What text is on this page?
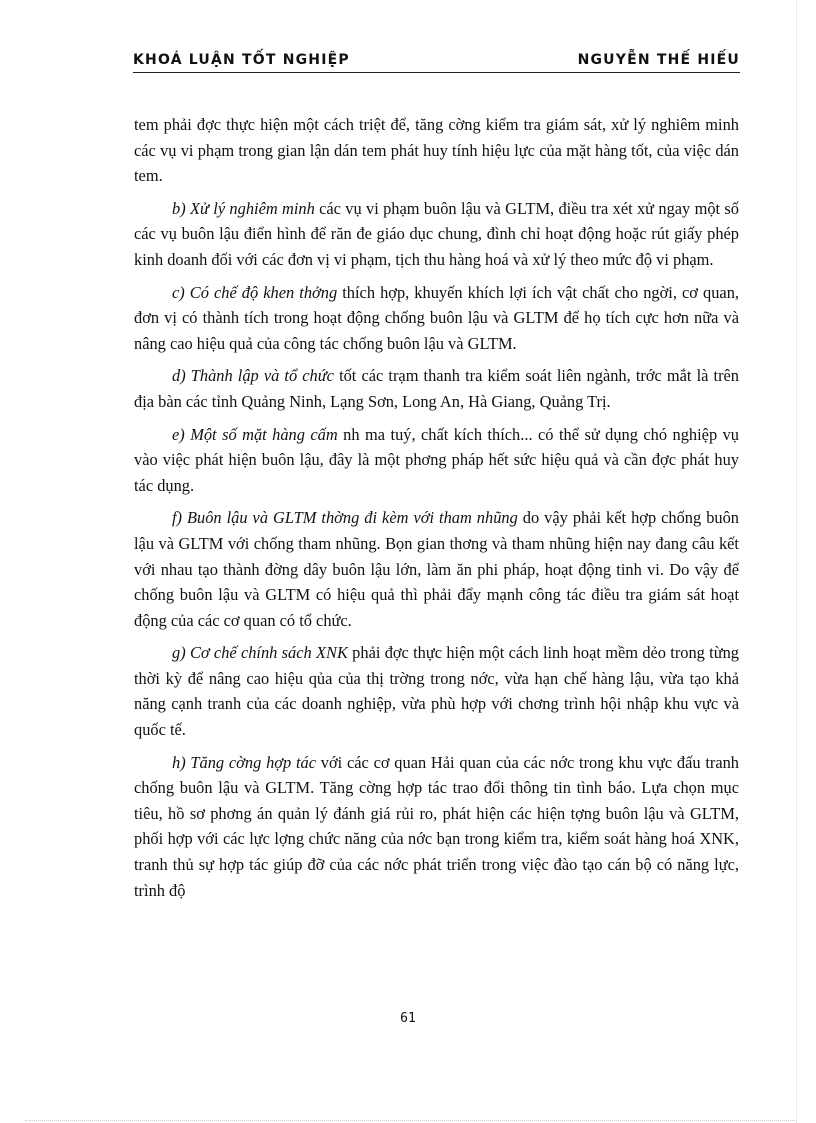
KHOÁ LUẬN TỐT NGHIỆP	NGUYỄN THẾ HIẾU

tem phải đợc thực hiện một cách triệt để, tăng cờng kiểm tra giám sát, xử lý nghiêm minh các vụ vi phạm trong gian lận dán tem phát huy tính hiệu lực của mặt hàng tốt, của việc dán tem.

b) Xử lý nghiêm minh các vụ vi phạm buôn lậu và GLTM, điều tra xét xử ngay một số các vụ buôn lậu điển hình để răn đe giáo dục chung, đình chỉ hoạt động hoặc rút giấy phép kinh doanh đối với các đơn vị vi phạm, tịch thu hàng hoá và xử lý theo mức độ vi phạm.

c) Có chế độ khen thởng thích hợp, khuyến khích lợi ích vật chất cho ngời, cơ quan, đơn vị có thành tích trong hoạt động chống buôn lậu và GLTM để họ tích cực hơn nữa và nâng cao hiệu quả của công tác chống buôn lậu và GLTM.

d) Thành lập và tổ chức tốt các trạm thanh tra kiểm soát liên ngành, trớc mắt là trên địa bàn các tỉnh Quảng Ninh, Lạng Sơn, Long An, Hà Giang, Quảng Trị.

e) Một số mặt hàng cấm nh ma tuý, chất kích thích... có thể sử dụng chó nghiệp vụ vào việc phát hiện buôn lậu, đây là một phơng pháp hết sức hiệu quả và cần đợc phát huy tác dụng.

f) Buôn lậu và GLTM thờng đi kèm với tham nhũng do vậy phải kết hợp chống buôn lậu và GLTM với chống tham nhũng. Bọn gian thơng và tham nhũng hiện nay đang câu kết với nhau tạo thành đờng dây buôn lậu lớn, làm ăn phi pháp, hoạt động tinh vi. Do vậy để chống buôn lậu và GLTM có hiệu quả thì phải đẩy mạnh công tác điều tra giám sát hoạt động của các cơ quan có tổ chức.

g) Cơ chế chính sách XNK phải đợc thực hiện một cách linh hoạt mềm dẻo trong từng thời kỳ để nâng cao hiệu qủa của thị trờng trong nớc, vừa hạn chế hàng lậu, vừa tạo khả năng cạnh tranh của các doanh nghiệp, vừa phù hợp với chơng trình hội nhập khu vực và quốc tế.

h) Tăng cờng hợp tác với các cơ quan Hải quan của các nớc trong khu vực đấu tranh chống buôn lậu và GLTM. Tăng cờng hợp tác trao đổi thông tin tình báo. Lựa chọn mục tiêu, hồ sơ phơng án quản lý đánh giá rủi ro, phát hiện các hiện tợng buôn lậu và GLTM, phối hợp với các lực lợng chức năng của nớc bạn trong kiểm tra, kiểm soát hàng hoá XNK, tranh thủ sự hợp tác giúp đỡ của các nớc phát triển trong việc đào tạo cán bộ có năng lực, trình độ

61
